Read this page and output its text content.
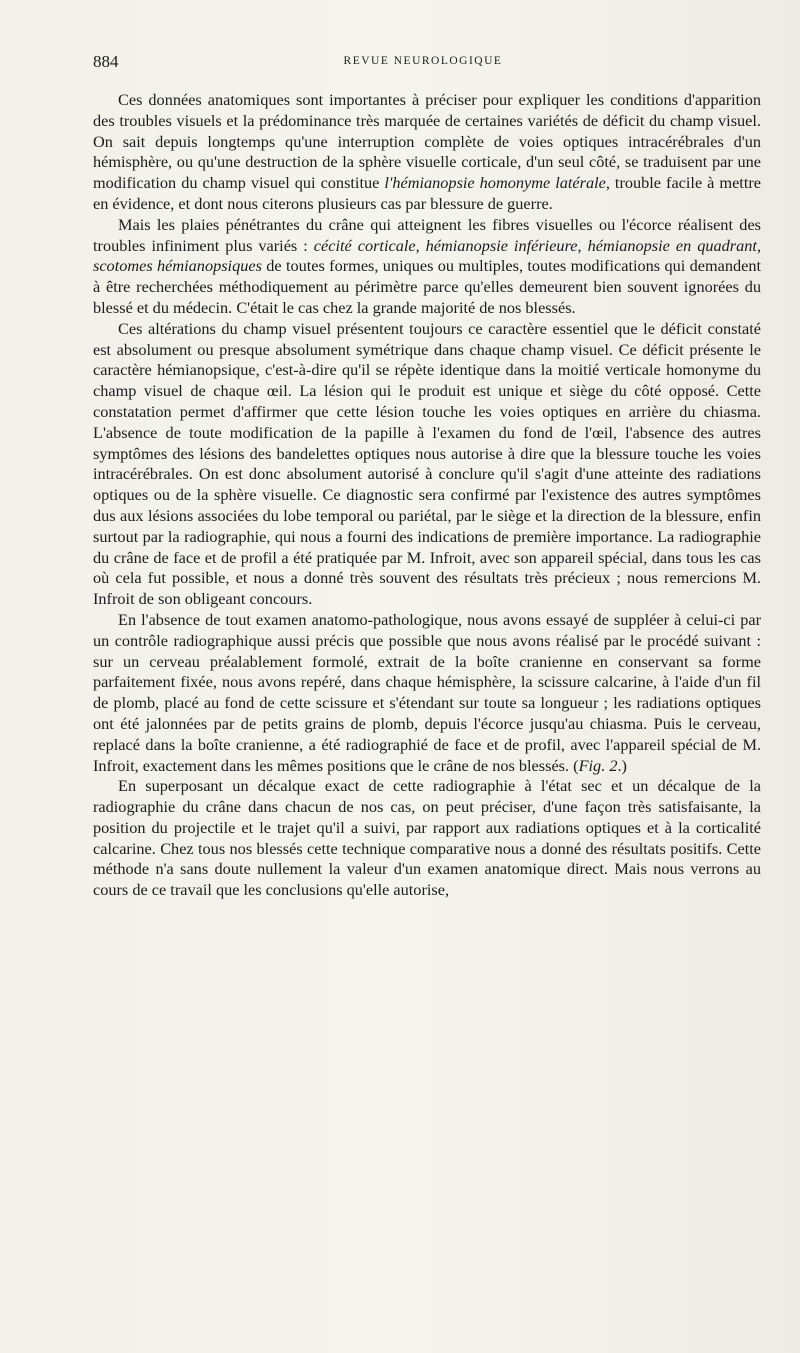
884	REVUE NEUROLOGIQUE

Ces données anatomiques sont importantes à préciser pour expliquer les conditions d'apparition des troubles visuels et la prédominance très marquée de certaines variétés de déficit du champ visuel. On sait depuis longtemps qu'une interruption complète de voies optiques intracérébrales d'un hémisphère, ou qu'une destruction de la sphère visuelle corticale, d'un seul côté, se traduisent par une modification du champ visuel qui constitue l'hémianopsie homonyme latérale, trouble facile à mettre en évidence, et dont nous citerons plusieurs cas par blessure de guerre.

Mais les plaies pénétrantes du crâne qui atteignent les fibres visuelles ou l'écorce réalisent des troubles infiniment plus variés : cécité corticale, hémianopsie inférieure, hémianopsie en quadrant, scotomes hémianopsiques de toutes formes, uniques ou multiples, toutes modifications qui demandent à être recherchées méthodiquement au périmètre parce qu'elles demeurent bien souvent ignorées du blessé et du médecin. C'était le cas chez la grande majorité de nos blessés.

Ces altérations du champ visuel présentent toujours ce caractère essentiel que le déficit constaté est absolument ou presque absolument symétrique dans chaque champ visuel. Ce déficit présente le caractère hémianopsique, c'est-à-dire qu'il se répète identique dans la moitié verticale homonyme du champ visuel de chaque œil. La lésion qui le produit est unique et siège du côté opposé. Cette constatation permet d'affirmer que cette lésion touche les voies optiques en arrière du chiasma. L'absence de toute modification de la papille à l'examen du fond de l'œil, l'absence des autres symptômes des lésions des bandelettes optiques nous autorise à dire que la blessure touche les voies intracérébrales. On est donc absolument autorisé à conclure qu'il s'agit d'une atteinte des radiations optiques ou de la sphère visuelle. Ce diagnostic sera confirmé par l'existence des autres symptômes dus aux lésions associées du lobe temporal ou pariétal, par le siège et la direction de la blessure, enfin surtout par la radiographie, qui nous a fourni des indications de première importance. La radiographie du crâne de face et de profil a été pratiquée par M. Infroit, avec son appareil spécial, dans tous les cas où cela fut possible, et nous a donné très souvent des résultats très précieux ; nous remercions M. Infroit de son obligeant concours.

En l'absence de tout examen anatomo-pathologique, nous avons essayé de suppléer à celui-ci par un contrôle radiographique aussi précis que possible que nous avons réalisé par le procédé suivant : sur un cerveau préalablement formolé, extrait de la boîte cranienne en conservant sa forme parfaitement fixée, nous avons repéré, dans chaque hémisphère, la scissure calcarine, à l'aide d'un fil de plomb, placé au fond de cette scissure et s'étendant sur toute sa longueur ; les radiations optiques ont été jalonnées par de petits grains de plomb, depuis l'écorce jusqu'au chiasma. Puis le cerveau, replacé dans la boîte cranienne, a été radiographié de face et de profil, avec l'appareil spécial de M. Infroit, exactement dans les mêmes positions que le crâne de nos blessés. (Fig. 2.)

En superposant un décalque exact de cette radiographie à l'état sec et un décalque de la radiographie du crâne dans chacun de nos cas, on peut préciser, d'une façon très satisfaisante, la position du projectile et le trajet qu'il a suivi, par rapport aux radiations optiques et à la corticalité calcarine. Chez tous nos blessés cette technique comparative nous a donné des résultats positifs. Cette méthode n'a sans doute nullement la valeur d'un examen anatomique direct. Mais nous verrons au cours de ce travail que les conclusions qu'elle autorise,
